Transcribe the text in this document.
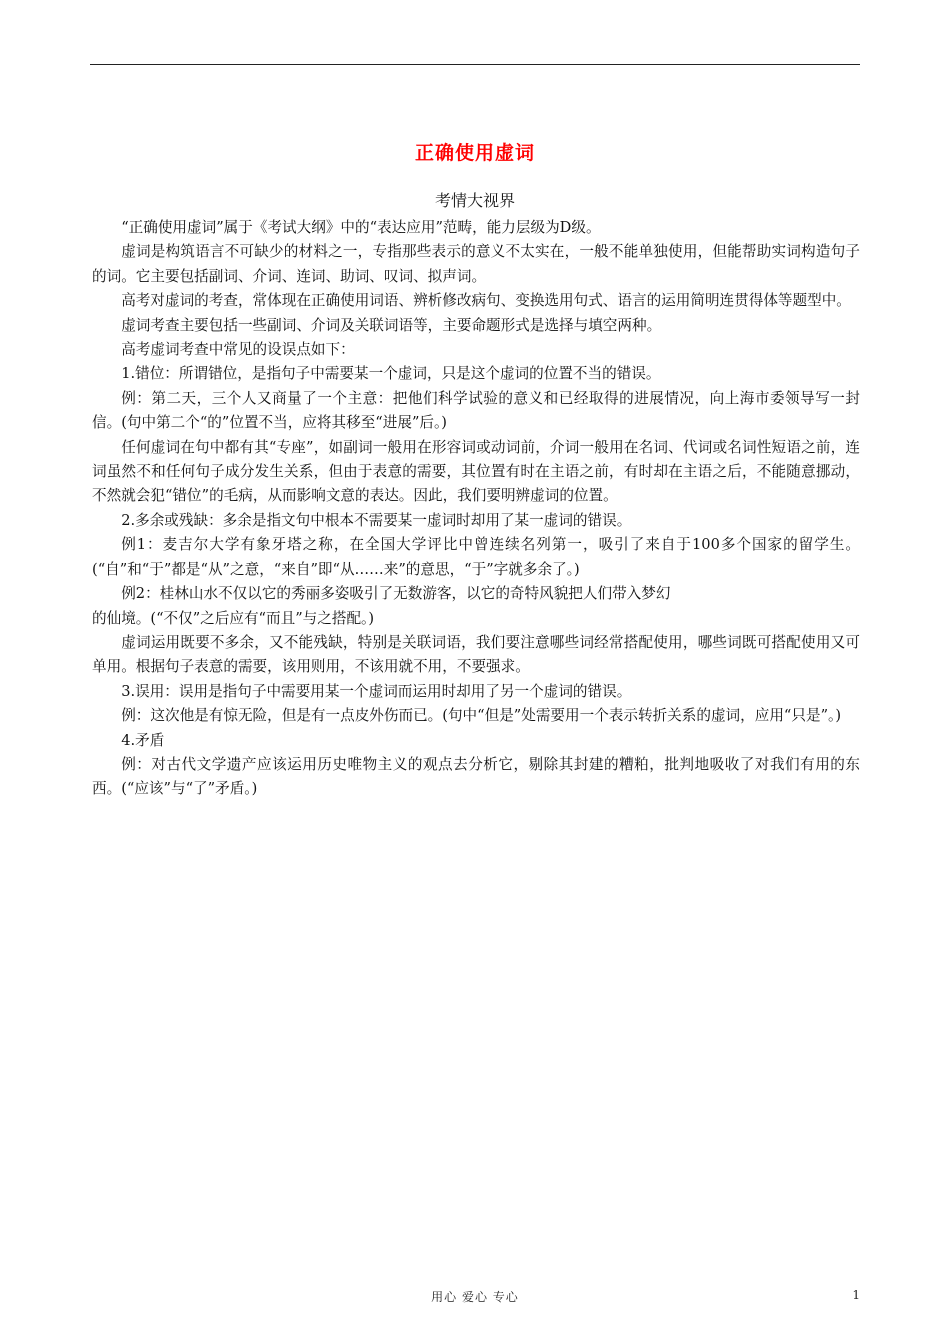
正确使用虚词
考情大视界

“正确使用虚词”属于《考试大纲》中的“表达应用”范畴，能力层级为D级。

虚词是构筑语言不可缺少的材料之一，专指那些表示的意义不太实在，一般不能单独使用，但能帮助实词构造句子的词。它主要包括副词、介词、连词、助词、叹词、拟声词。

高考对虚词的考查，常体现在正确使用词语、辨析修改病句、变换选用句式、语言的运用简明连贯得体等题型中。

虚词考查主要包括一些副词、介词及关联词语等，主要命题形式是选择与填空两种。

高考虚词考查中常见的设误点如下：

1.错位：所谓错位，是指句子中需要某一个虚词，只是这个虚词的位置不当的错误。

例：第二天，三个人又商量了一个主意：把他们科学试验的意义和已经取得的进展情况，向上海市委领导写一封信。(句中第二个“的”位置不当，应将其移至“进展”后。)

任何虚词在句中都有其“专座”，如副词一般用在形容词或动词前，介词一般用在名词、代词或名词性短语之前，连词虽然不和任何句子成分发生关系，但由于表意的需要，其位置有时在主语之前，有时却在主语之后，不能随意挪动，不然就会犯“错位”的毛病，从而影响文意的表达。因此，我们要明辨虚词的位置。

2.多余或残缺：多余是指文句中根本不需要某一虚词时却用了某一虚词的错误。

例1：麦吉尔大学有象牙塔之称，在全国大学评比中曾连续名列第一，吸引了来自于100多个国家的留学生。(“自”和“于”都是“从”之意，“来自”即“从……来”的意思，“于”字就多余了。)

例2：桂林山水不仅以它的秀丽多姿吸引了无数游客，以它的奇特风貌把人们带入梦幻

的仙境。(“不仅”之后应有“而且”与之搭配。)

虚词运用既要不多余，又不能残缺，特别是关联词语，我们要注意哪些词经常搭配使用，哪些词既可搭配使用又可单用。根据句子表意的需要，该用则用，不该用就不用，不要强求。

3.误用：误用是指句子中需要用某一个虚词而运用时却用了另一个虚词的错误。

例：这次他是有惊无险，但是有一点皮外伤而已。(句中“但是”处需要用一个表示转折关系的虚词，应用“只是”。)

4.矛盾

例：对古代文学遗产应该运用历史唯物主义的观点去分析它，剔除其封建的糟粕，批判地吸收了对我们有用的东西。(“应该”与“了”矛盾。)

用心 爱心 专心	1
